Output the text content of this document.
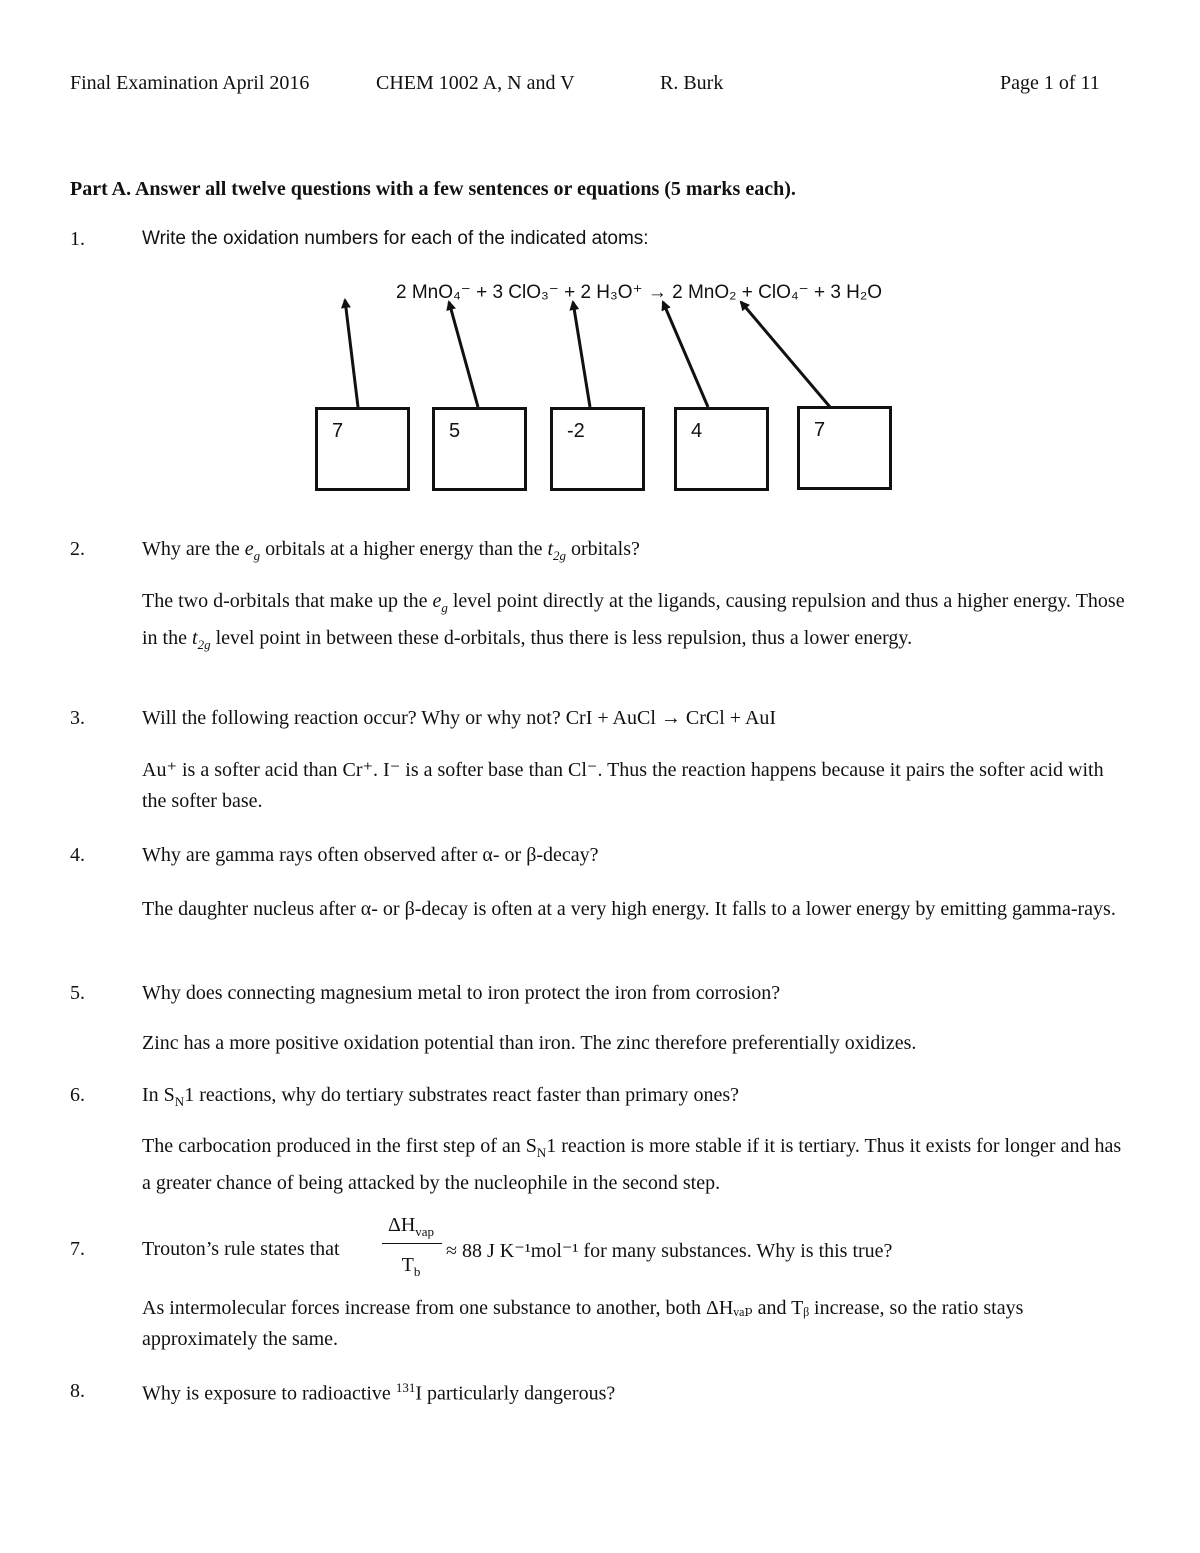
Final Examination April 2016	CHEM 1002 A, N and V	R. Burk	Page 1 of 11
Part A. Answer all twelve questions with a few sentences or equations (5 marks each).
1.	Write the oxidation numbers for each of the indicated atoms:
2 MnO₄⁻ + 3 ClO₃⁻ + 2 H₃O⁺ → 2 MnO₂ + ClO₄⁻ + 3 H₂O
7	5	-2	4	7
2.	Why are the $e_g$ orbitals at a higher energy than the $t_{2g}$ orbitals?
The two d-orbitals that make up the $e_g$ level point directly at the ligands, causing repulsion and thus a higher energy. Those in the $t_{2g}$ level point in between these d-orbitals, thus there is less repulsion, thus a lower energy.
3.	Will the following reaction occur? Why or why not? CrI + AuCl → CrCl + AuI
Au⁺ is a softer acid than Cr⁺. I⁻ is a softer base than Cl⁻. Thus the reaction happens because it pairs the softer acid with the softer base.
4.	Why are gamma rays often observed after α- or β-decay?
The daughter nucleus after α- or β-decay is often at a very high energy. It falls to a lower energy by emitting gamma-rays.
5.	Why does connecting magnesium metal to iron protect the iron from corrosion?
Zinc has a more positive oxidation potential than iron. The zinc therefore preferentially oxidizes.
6.	In $S_N1$ reactions, why do tertiary substrates react faster than primary ones?
The carbocation produced in the first step of an $S_N1$ reaction is more stable if it is tertiary. Thus it exists for longer and has a greater chance of being attacked by the nucleophile in the second step.
7.	Trouton’s rule states that
$\Delta H_{vap}$
$T_b$
≈ 88 J K⁻¹mol⁻¹ for many substances. Why is this true?
As intermolecular forces increase from one substance to another, both ΔHᵥₐₚ and Tᵦ increase, so the ratio stays approximately the same.
8.	Why is exposure to radioactive $^{131}$I particularly dangerous?
